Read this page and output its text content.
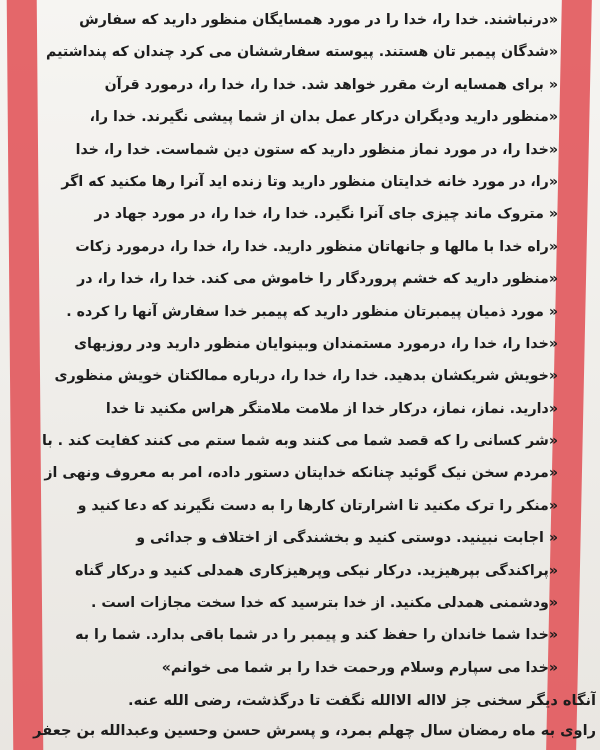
«درنباشند. خدا را، خدا را در مورد همسایگان منظور دارید که سفارش
«شدگان پیمبر تان هستند. پیوسته سفارششان می کرد چندان که پنداشتیم
« برای همسایه ارث مقرر خواهد شد. خدا را، خدا را، درمورد قرآن
«منظور دارید ودیگران درکار عمل بدان از شما پیشی نگیرند. خدا را،
«خدا را، در مورد نماز منظور دارید که ستون دین شماست. خدا را، خدا
«را، در مورد خانه خدایتان منظور دارید وتا زنده اید آنرا رها مکنید که اگر
« متروک ماند چیزی جای آنرا نگیرد. خدا را، خدا را، در مورد جهاد در
«راه خدا با مالها و جانهاتان منظور دارید. خدا را، خدا را، درمورد زکات
«منظور دارید که خشم پروردگار را خاموش می کند. خدا را، خدا را، در
« مورد ذمیان پیمبرتان منظور دارید که پیمبر خدا سفارش آنها را کرده .
«خدا را، خدا را، درمورد مستمندان وبینوایان منظور دارید ودر روزیهای
«خویش شریکشان بدهید. خدا را، خدا را، درباره ممالکتان خویش منظوری
«دارید. نماز، نماز، درکار خدا از ملامت ملامتگر هراس مکنید تا خدا
«شر کسانی را که قصد شما می کنند وبه شما ستم می کنند کفایت کند . با
«مردم سخن نیک گوئید چنانکه خدایتان دستور داده، امر به معروف ونهی از
«منکر را ترک مکنید تا اشرارتان کارها را به دست نگیرند که دعا کنید و
« اجابت نبینید. دوستی کنید و بخشندگی از اختلاف و جدائی و
«پراکندگی بپرهیزید. درکار نیکی وپرهیزکاری همدلی کنید و درکار گناه
«ودشمنی همدلی مکنید. از خدا بترسید که خدا سخت مجازات است .
«خدا شما خاندان را حفظ کند و پیمبر را در شما باقی بدارد. شما را به
«خدا می سپارم وسلام ورحمت خدا را بر شما می خوانم»
آنگاه دیگر سخنی جز لااله الاالله نگفت تا درگذشت، رضی الله عنه.
راوی به ماه رمضان سال چهلم بمرد، و پسرش حسن وحسین وعبدالله بن جعفر
